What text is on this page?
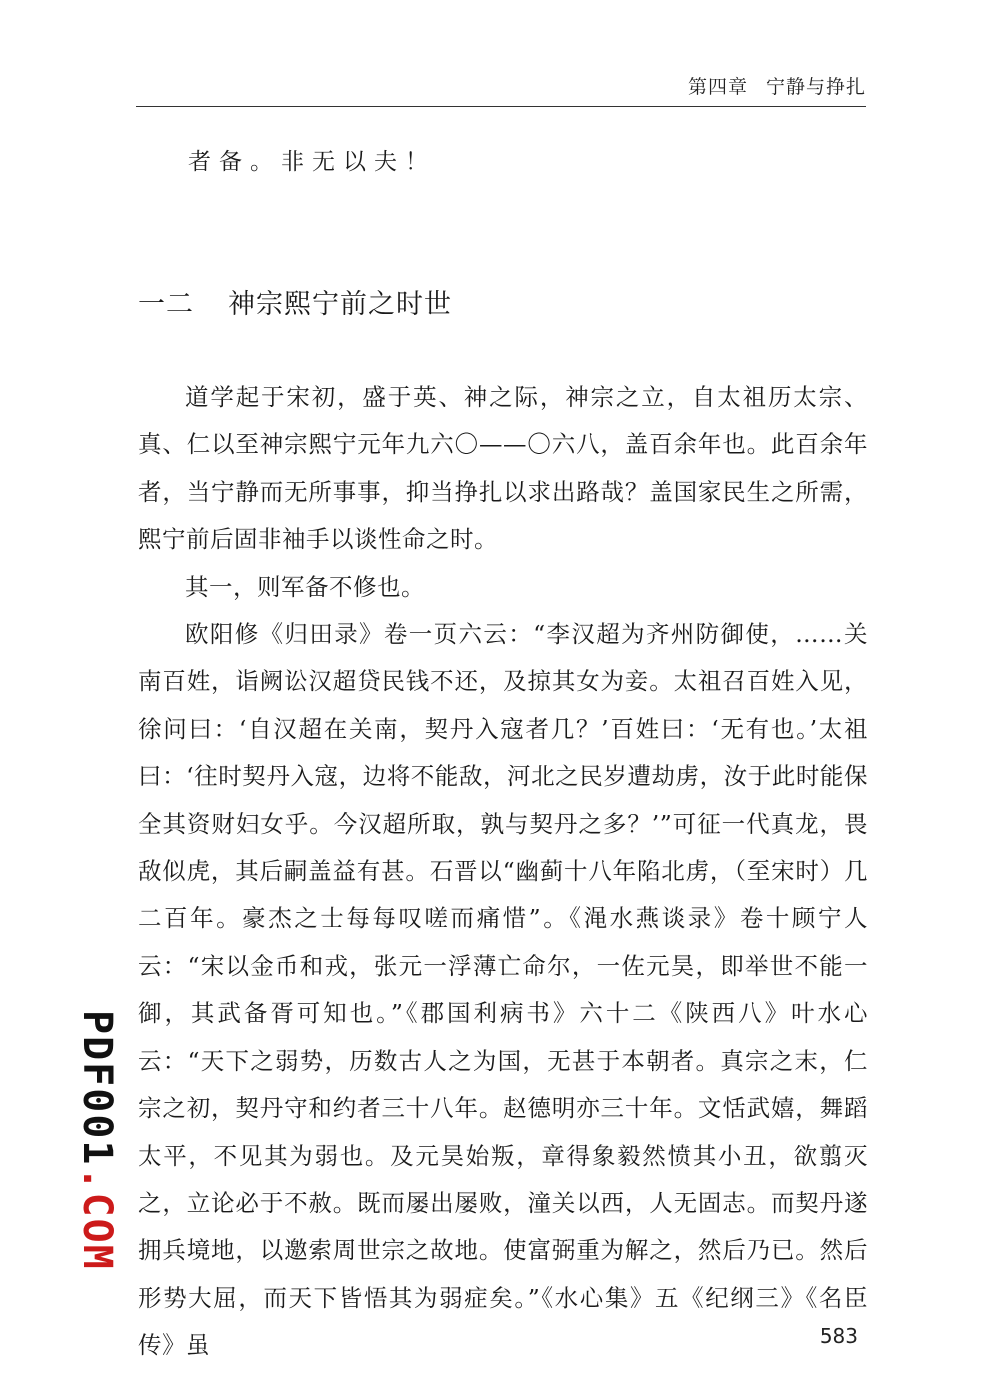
第四章 宁静与挣扎
者备。非无以夫！
一二 神宗熙宁前之时世

道学起于宋初，盛于英、神之际，神宗之立，自太祖历太宗、真、仁以至神宗熙宁元年九六〇——〇六八，盖百余年也。此百余年者，当宁静而无所事事，抑当挣扎以求出路哉？盖国家民生之所需，熙宁前后固非袖手以谈性命之时。

其一，则军备不修也。

欧阳修《归田录》卷一页六云：“李汉超为齐州防御使，……关南百姓，诣阙讼汉超贷民钱不还，及掠其女为妾。太祖召百姓入见，徐问曰：‘自汉超在关南，契丹入寇者几？’百姓曰：‘无有也。’太祖曰：‘往时契丹入寇，边将不能敌，河北之民岁遭劫虏，汝于此时能保全其资财妇女乎。今汉超所取，孰与契丹之多？’”可征一代真龙，畏敌似虎，其后嗣盖益有甚。石晋以“幽蓟十八年陷北虏，（至宋时）几二百年。豪杰之士每每叹嗟而痛惜”。《渑水燕谈录》卷十顾宁人云：“宋以金币和戎，张元一浮薄亡命尔，一佐元昊，即举世不能一御，其武备胥可知也。”《郡国利病书》六十二《陕西八》叶水心云：“天下之弱势，历数古人之为国，无甚于本朝者。真宗之末，仁宗之初，契丹守和约者三十八年。赵德明亦三十年。文恬武嬉，舞蹈太平，不见其为弱也。及元昊始叛，章得象毅然愤其小丑，欲翦灭之，立论必于不赦。既而屡出屡败，潼关以西，人无固志。而契丹遂拥兵境地，以邀索周世宗之故地。使富弼重为解之，然后乃已。然后形势大屈，而天下皆悟其为弱症矣。”《水心集》五《纪纲三》《名臣传》虽

PDF001.COM
583
